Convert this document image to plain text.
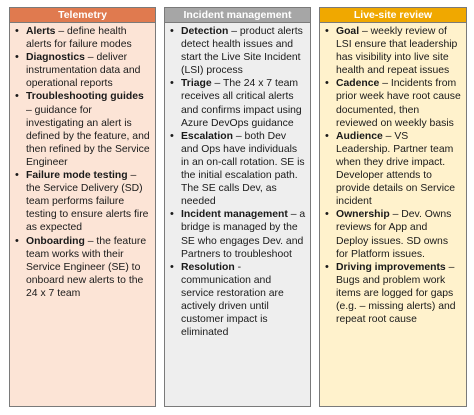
Telemetry
• Alerts – define health alerts for failure modes
• Diagnostics – deliver instrumentation data and operational reports
• Troubleshooting guides – guidance for investigating an alert is defined by the feature, and then refined by the Service Engineer
• Failure mode testing – the Service Delivery (SD) team performs failure testing to ensure alerts fire as expected
• Onboarding – the feature team works with their Service Engineer (SE) to onboard new alerts to the 24 x 7 team
Incident management
• Detection – product alerts detect health issues and start the Live Site Incident (LSI) process
• Triage – The 24 x 7 team receives all critical alerts and confirms impact using Azure DevOps guidance
• Escalation – both Dev and Ops have individuals in an on-call rotation. SE is the initial escalation path. The SE calls Dev, as needed
• Incident management – a bridge is managed by the SE who engages Dev. and Partners to troubleshoot
• Resolution - communication and service restoration are actively driven until customer impact is eliminated
Live-site review
• Goal – weekly review of LSI ensure that leadership has visibility into live site health and repeat issues
• Cadence – Incidents from prior week have root cause documented, then reviewed on weekly basis
• Audience – VS Leadership. Partner team when they drive impact. Developer attends to provide details on Service incident
• Ownership – Dev. Owns reviews for App and Deploy issues. SD owns for Platform issues.
• Driving improvements – Bugs and problem work items are logged for gaps (e.g. – missing alerts) and repeat root cause
